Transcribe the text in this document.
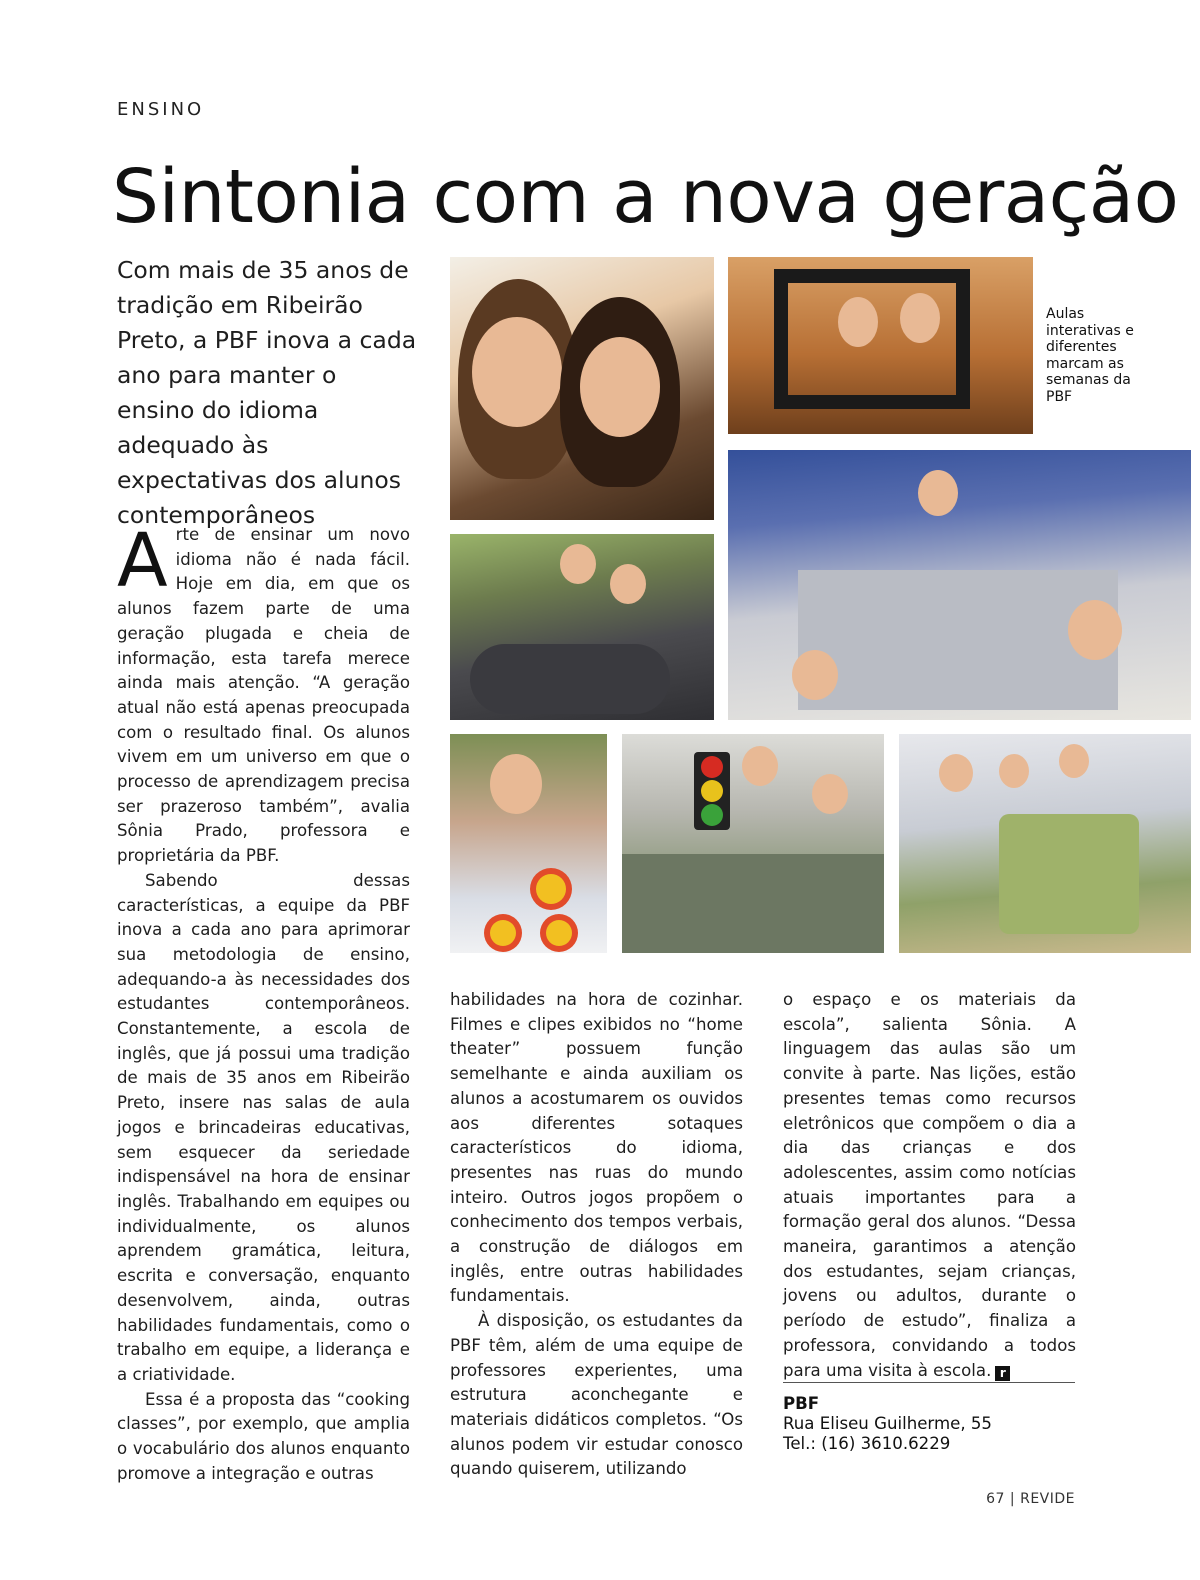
ENSINO
Sintonia com a nova geração

Com mais de 35 anos de tradição em Ribeirão Preto, a PBF inova a cada ano para manter o ensino do idioma adequado às expectativas dos alunos contemporâneos

Aulas interativas e diferentes marcam as semanas da PBF

Arte de ensinar um novo idioma não é nada fácil. Hoje em dia, em que os alunos fazem parte de uma geração plugada e cheia de informação, esta tarefa merece ainda mais atenção. “A geração atual não está apenas preocupada com o resultado final. Os alunos vivem em um universo em que o processo de aprendizagem precisa ser prazeroso também”, avalia Sônia Prado, professora e proprietária da PBF.

Sabendo dessas características, a equipe da PBF inova a cada ano para aprimorar sua metodologia de ensino, adequando-a às necessidades dos estudantes contemporâneos. Constantemente, a escola de inglês, que já possui uma tradição de mais de 35 anos em Ribeirão Preto, insere nas salas de aula jogos e brincadeiras educativas, sem esquecer da seriedade indispensável na hora de ensinar inglês. Trabalhando em equipes ou individualmente, os alunos aprendem gramática, leitura, escrita e conversação, enquanto desenvolvem, ainda, outras habilidades fundamentais, como o trabalho em equipe, a liderança e a criatividade.

Essa é a proposta das “cooking classes”, por exemplo, que amplia o vocabulário dos alunos enquanto promove a integração e outras

habilidades na hora de cozinhar. Filmes e clipes exibidos no “home theater” possuem função semelhante e ainda auxiliam os alunos a acostumarem os ouvidos aos diferentes sotaques característicos do idioma, presentes nas ruas do mundo inteiro. Outros jogos propõem o conhecimento dos tempos verbais, a construção de diálogos em inglês, entre outras habilidades fundamentais.

À disposição, os estudantes da PBF têm, além de uma equipe de professores experientes, uma estrutura aconchegante e materiais didáticos completos. “Os alunos podem vir estudar conosco quando quiserem, utilizando

o espaço e os materiais da escola”, salienta Sônia. A linguagem das aulas são um convite à parte. Nas lições, estão presentes temas como recursos eletrônicos que compõem o dia a dia das crianças e dos adolescentes, assim como notícias atuais importantes para a formação geral dos alunos. “Dessa maneira, garantimos a atenção dos estudantes, sejam crianças, jovens ou adultos, durante o período de estudo”, finaliza a professora, convidando a todos para uma visita à escola. r

PBF
Rua Eliseu Guilherme, 55
Tel.: (16) 3610.6229
67 | REVIDE
